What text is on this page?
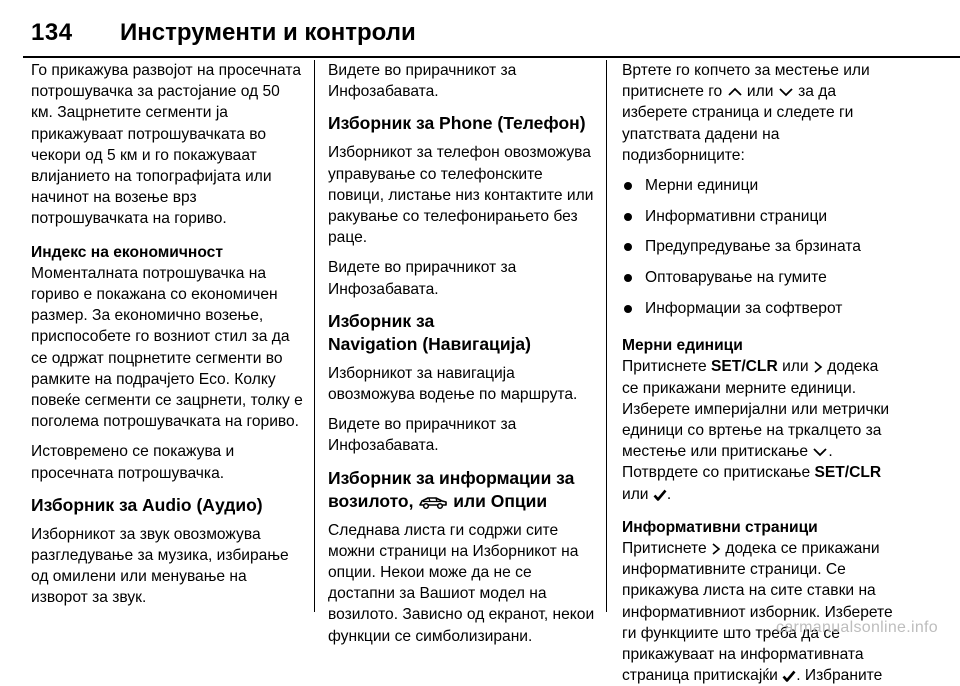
134 Инструменти и контроли

Го прикажува развојот на просечната потрошувачка за растојание од 50 км. Зацрнетите сегменти ја прикажуваат потрошувачката во чекори од 5 км и го покажуваат влијанието на топографијата или начинот на возење врз потрошувачката на гориво.

Индекс на економичност

Моменталната потрошувачка на гориво е покажана со економичен размер. За економично возење, приспособете го возниот стил за да се одржат поцрнетите сегменти во рамките на подрачјето Eco. Колку повеќе сегменти се зацрнети, толку е поголема потрошувачката на гориво.

Истовремено се покажува и просечната потрошувачка.

Изборник за Audio (Аудио)

Изборникот за звук овозможува разгледување за музика, избирање од омилени или менување на изворот за звук.

Видете во прирачникот за Инфозабавата.

Изборник за Phone (Телефон)

Изборникот за телефон овозможува управување со телефонските повици, листање низ контактите или ракување со телефонирањето без раце.

Видете во прирачникот за Инфозабавата.

Изборник за
Navigation (Навигација)

Изборникот за навигација овозможува водење по маршрута.

Видете во прирачникот за Инфозабавата.

Изборник за информации за возилото, или Опции

Следнава листа ги содржи сите можни страници на Изборникот на опции. Некои може да не се достапни за Вашиот модел на возилото. Зависно од екранот, некои функции се симболизирани.

Вртете го копчето за местење или притиснете го или за да изберете страница и следете ги упатствата дадени на подизборниците:

Мерни единици
Информативни страници
Предупредување за брзината
Оптоварување на гумите
Информации за софтверот
Мерни единици

Притиснете SET/CLR или додека се прикажани мерните единици. Изберете империјални или метрички единици со вртење на тркалцето за местење или притискање . Потврдете со притискање SET/CLR или .

Информативни страници

Притиснете додека се прикажани информативните страници. Се прикажува листа на сите ставки на информативниот изборник. Изберете ги функциите што треба да се прикажуваат на информативната страница притискајќи . Избраните

carmanualsonline.info
